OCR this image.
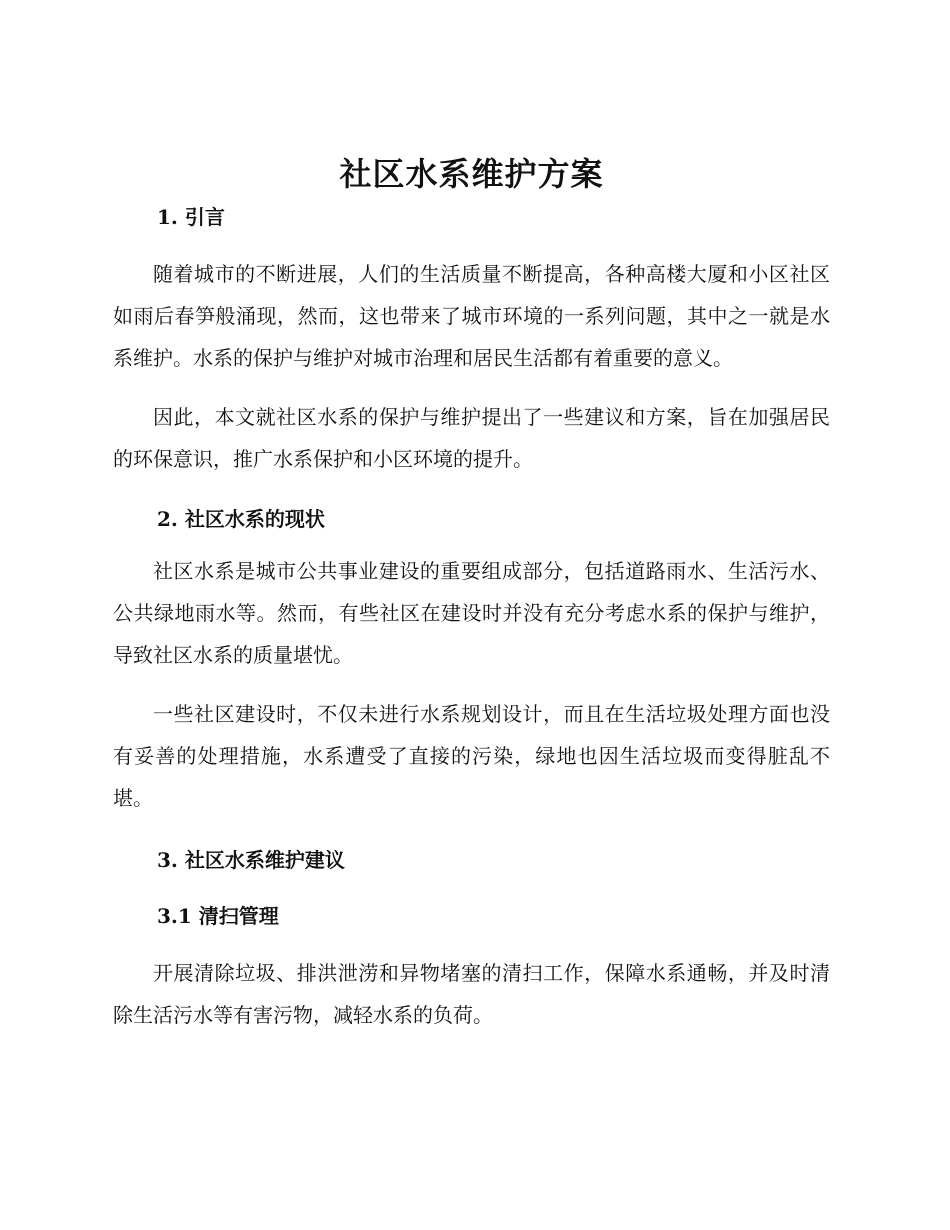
社区水系维护方案
1. 引言

随着城市的不断进展，人们的生活质量不断提高，各种高楼大厦和小区社区如雨后春笋般涌现，然而，这也带来了城市环境的一系列问题，其中之一就是水系维护。水系的保护与维护对城市治理和居民生活都有着重要的意义。

因此，本文就社区水系的保护与维护提出了一些建议和方案，旨在加强居民的环保意识，推广水系保护和小区环境的提升。

2. 社区水系的现状

社区水系是城市公共事业建设的重要组成部分，包括道路雨水、生活污水、公共绿地雨水等。然而，有些社区在建设时并没有充分考虑水系的保护与维护，导致社区水系的质量堪忧。

一些社区建设时，不仅未进行水系规划设计，而且在生活垃圾处理方面也没有妥善的处理措施，水系遭受了直接的污染，绿地也因生活垃圾而变得脏乱不堪。

3. 社区水系维护建议
3.1 清扫管理

开展清除垃圾、排洪泄涝和异物堵塞的清扫工作，保障水系通畅，并及时清除生活污水等有害污物，减轻水系的负荷。
